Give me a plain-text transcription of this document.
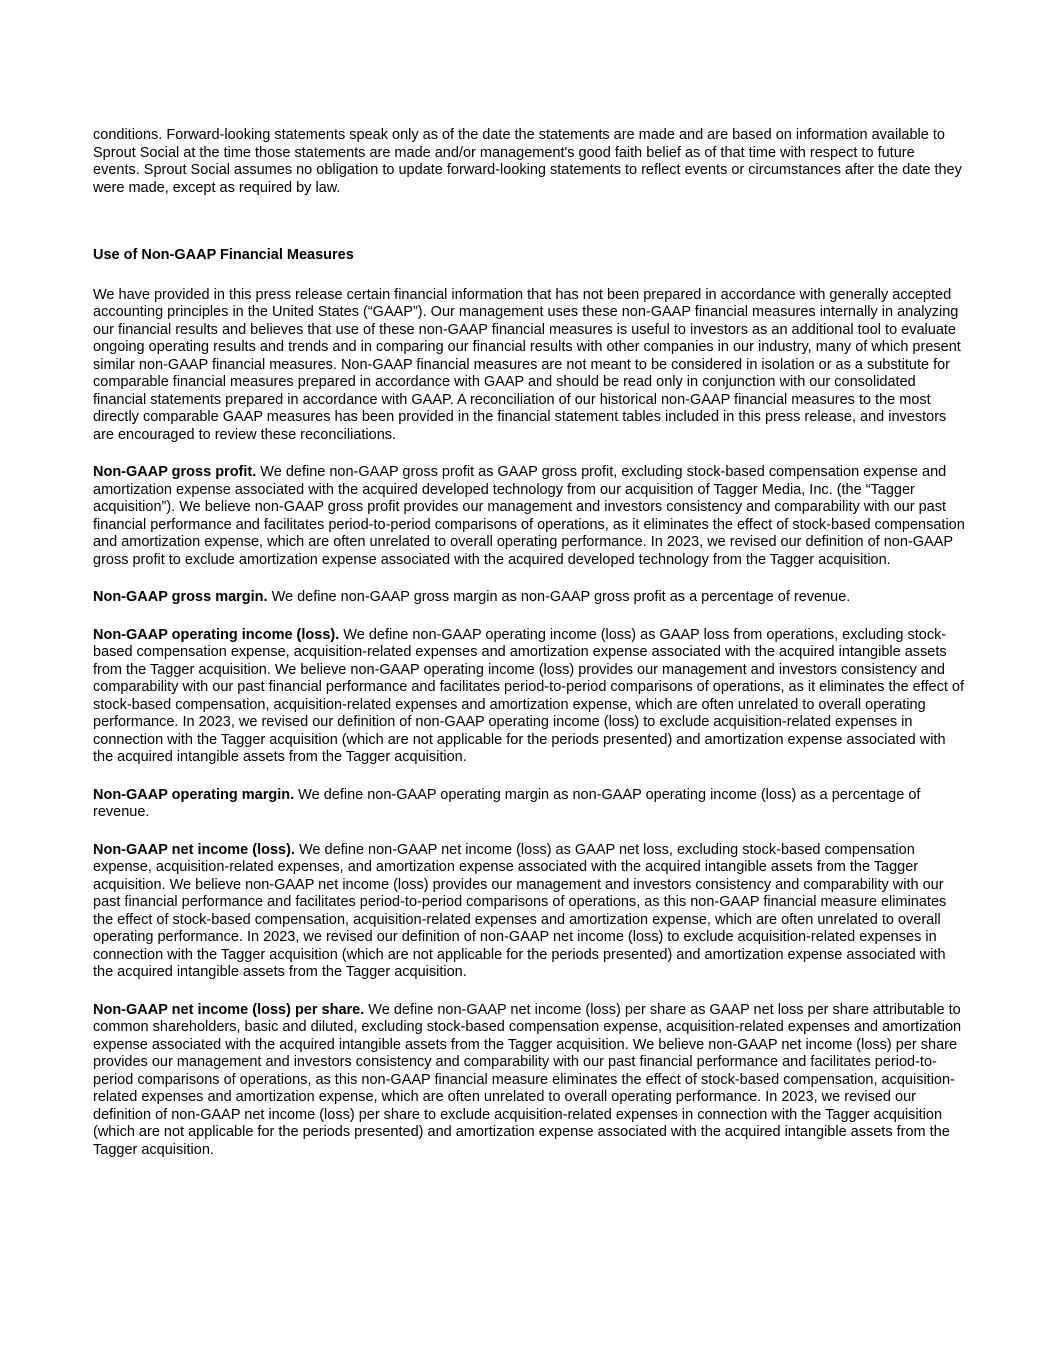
conditions. Forward-looking statements speak only as of the date the statements are made and are based on information available to Sprout Social at the time those statements are made and/or management's good faith belief as of that time with respect to future events. Sprout Social assumes no obligation to update forward-looking statements to reflect events or circumstances after the date they were made, except as required by law.

Use of Non-GAAP Financial Measures

We have provided in this press release certain financial information that has not been prepared in accordance with generally accepted accounting principles in the United States (“GAAP”). Our management uses these non-GAAP financial measures internally in analyzing our financial results and believes that use of these non-GAAP financial measures is useful to investors as an additional tool to evaluate ongoing operating results and trends and in comparing our financial results with other companies in our industry, many of which present similar non-GAAP financial measures. Non-GAAP financial measures are not meant to be considered in isolation or as a substitute for comparable financial measures prepared in accordance with GAAP and should be read only in conjunction with our consolidated financial statements prepared in accordance with GAAP. A reconciliation of our historical non-GAAP financial measures to the most directly comparable GAAP measures has been provided in the financial statement tables included in this press release, and investors are encouraged to review these reconciliations.

Non-GAAP gross profit. We define non-GAAP gross profit as GAAP gross profit, excluding stock-based compensation expense and amortization expense associated with the acquired developed technology from our acquisition of Tagger Media, Inc. (the “Tagger acquisition”). We believe non-GAAP gross profit provides our management and investors consistency and comparability with our past financial performance and facilitates period-to-period comparisons of operations, as it eliminates the effect of stock-based compensation and amortization expense, which are often unrelated to overall operating performance. In 2023, we revised our definition of non-GAAP gross profit to exclude amortization expense associated with the acquired developed technology from the Tagger acquisition.

Non-GAAP gross margin. We define non-GAAP gross margin as non-GAAP gross profit as a percentage of revenue.

Non-GAAP operating income (loss). We define non-GAAP operating income (loss) as GAAP loss from operations, excluding stock-based compensation expense, acquisition-related expenses and amortization expense associated with the acquired intangible assets from the Tagger acquisition. We believe non-GAAP operating income (loss) provides our management and investors consistency and comparability with our past financial performance and facilitates period-to-period comparisons of operations, as it eliminates the effect of stock-based compensation, acquisition-related expenses and amortization expense, which are often unrelated to overall operating performance. In 2023, we revised our definition of non-GAAP operating income (loss) to exclude acquisition-related expenses in connection with the Tagger acquisition (which are not applicable for the periods presented) and amortization expense associated with the acquired intangible assets from the Tagger acquisition.

Non-GAAP operating margin. We define non-GAAP operating margin as non-GAAP operating income (loss) as a percentage of revenue.

Non-GAAP net income (loss). We define non-GAAP net income (loss) as GAAP net loss, excluding stock-based compensation expense, acquisition-related expenses, and amortization expense associated with the acquired intangible assets from the Tagger acquisition. We believe non-GAAP net income (loss) provides our management and investors consistency and comparability with our past financial performance and facilitates period-to-period comparisons of operations, as this non-GAAP financial measure eliminates the effect of stock-based compensation, acquisition-related expenses and amortization expense, which are often unrelated to overall operating performance. In 2023, we revised our definition of non-GAAP net income (loss) to exclude acquisition-related expenses in connection with the Tagger acquisition (which are not applicable for the periods presented) and amortization expense associated with the acquired intangible assets from the Tagger acquisition.

Non-GAAP net income (loss) per share. We define non-GAAP net income (loss) per share as GAAP net loss per share attributable to common shareholders, basic and diluted, excluding stock-based compensation expense, acquisition-related expenses and amortization expense associated with the acquired intangible assets from the Tagger acquisition. We believe non-GAAP net income (loss) per share provides our management and investors consistency and comparability with our past financial performance and facilitates period-to-period comparisons of operations, as this non-GAAP financial measure eliminates the effect of stock-based compensation, acquisition-related expenses and amortization expense, which are often unrelated to overall operating performance. In 2023, we revised our definition of non-GAAP net income (loss) per share to exclude acquisition-related expenses in connection with the Tagger acquisition (which are not applicable for the periods presented) and amortization expense associated with the acquired intangible assets from the Tagger acquisition.
